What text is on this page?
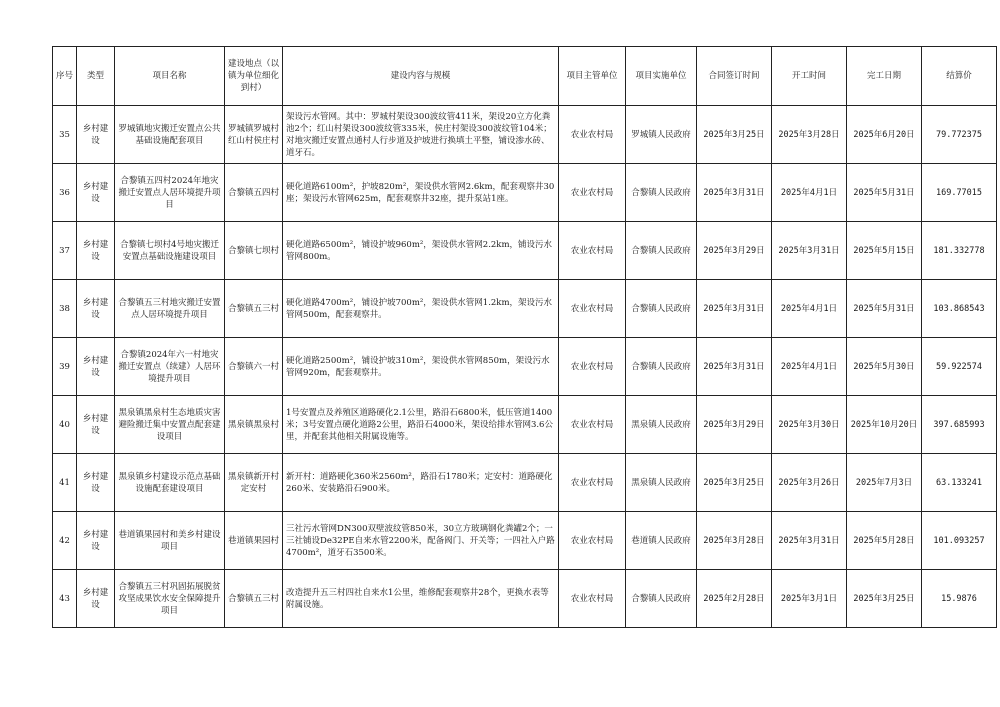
序号	类型	项目名称	建设地点（以镇为单位细化到村）	建设内容与规模	项目主管单位	项目实施单位	合同签订时间	开工时间	完工日期	结算价
35	乡村建设	罗城镇地灾搬迁安置点公共基础设施配套项目	罗城镇罗城村红山村侯庄村	架设污水管网。其中：罗城村架设300波纹管411米，架设20立方化粪池2个；红山村架设300波纹管335米，侯庄村架设300波纹管104米；对地灾搬迁安置点通村人行步道及护坡进行换填土平整，铺设渗水砖、道牙石。	农业农村局	罗城镇人民政府	2025年3月25日	2025年3月28日	2025年6月20日	79.772375
36	乡村建设	合黎镇五四村2024年地灾搬迁安置点人居环境提升项目	合黎镇五四村	硬化道路6100m²，护坡820m²，架设供水管网2.6km，配套观察井30座；架设污水管网625m，配套观察井32座，提升泵站1座。	农业农村局	合黎镇人民政府	2025年3月31日	2025年4月1日	2025年5月31日	169.77015
37	乡村建设	合黎镇七坝村4号地灾搬迁安置点基础设施建设项目	合黎镇七坝村	硬化道路6500m²，铺设护坡960m²，架设供水管网2.2km，铺设污水管网800m。	农业农村局	合黎镇人民政府	2025年3月29日	2025年3月31日	2025年5月15日	181.332778
38	乡村建设	合黎镇五三村地灾搬迁安置点人居环境提升项目	合黎镇五三村	硬化道路4700m²，铺设护坡700m²，架设供水管网1.2km，架设污水管网500m，配套观察井。	农业农村局	合黎镇人民政府	2025年3月31日	2025年4月1日	2025年5月31日	103.868543
39	乡村建设	合黎镇2024年六一村地灾搬迁安置点（续建）人居环境提升项目	合黎镇六一村	硬化道路2500m²，铺设护坡310m²，架设供水管网850m，架设污水管网920m，配套观察井。	农业农村局	合黎镇人民政府	2025年3月31日	2025年4月1日	2025年5月30日	59.922574
40	乡村建设	黑泉镇黑泉村生态地质灾害避险搬迁集中安置点配套建设项目	黑泉镇黑泉村	1号安置点及养殖区道路硬化2.1公里，路沿石6800米，低压管道1400米；3号安置点硬化道路2公里，路沿石4000米，架设给排水管网3.6公里，并配套其他相关附属设施等。	农业农村局	黑泉镇人民政府	2025年3月29日	2025年3月30日	2025年10月20日	397.685993
41	乡村建设	黑泉镇乡村建设示范点基础设施配套建设项目	黑泉镇新开村定安村	新开村：道路硬化360米2560m²，路沿石1780米；定安村：道路硬化260米、安装路沿石900米。	农业农村局	黑泉镇人民政府	2025年3月25日	2025年3月26日	2025年7月3日	63.133241
42	乡村建设	巷道镇果园村和美乡村建设项目	巷道镇果园村	三社污水管网DN300双壁波纹管850米，30立方玻璃钢化粪罐2个；一三社铺设De32PE自来水管2200米，配备阀门、开关等；一四社入户路4700m²，道牙石3500米。	农业农村局	巷道镇人民政府	2025年3月28日	2025年3月31日	2025年5月28日	101.093257
43	乡村建设	合黎镇五三村巩固拓展脱贫攻坚成果饮水安全保障提升项目	合黎镇五三村	改造提升五三村四社自来水1公里，维修配套观察井28个，更换水表等附属设施。	农业农村局	合黎镇人民政府	2025年2月28日	2025年3月1日	2025年3月25日	15.9876
